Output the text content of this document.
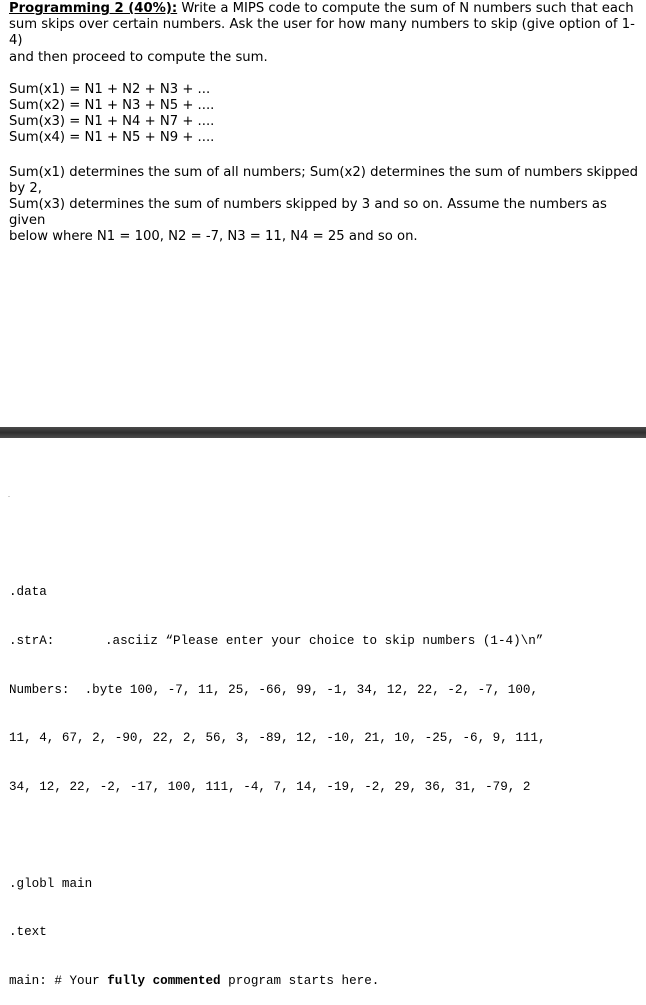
Programming 2 (40%): Write a MIPS code to compute the sum of N numbers such that each
sum skips over certain numbers. Ask the user for how many numbers to skip (give option of 1-4)
and then proceed to compute the sum.

Sum(x1) = N1 + N2 + N3 + ...

Sum(x2) = N1 + N3 + N5 + ....

Sum(x3) = N1 + N4 + N7 + ....

Sum(x4) = N1 + N5 + N9 + ....

Sum(x1) determines the sum of all numbers; Sum(x2) determines the sum of numbers skipped by 2,
Sum(x3) determines the sum of numbers skipped by 3 and so on. Assume the numbers as given
below where N1 = 100, N2 = -7, N3 = 11, N4 = 25 and so on.

.data

.strA:	.asciiz “Please enter your choice to skip numbers (1-4)\n”

Numbers:  .byte 100, -7, 11, 25, -66, 99, -1, 34, 12, 22, -2, -7, 100,

11, 4, 67, 2, -90, 22, 2, 56, 3, -89, 12, -10, 21, 10, -25, -6, 9, 111,

34, 12, 22, -2, -17, 100, 111, -4, 7, 14, -19, -2, 29, 36, 31, -79, 2

.globl main

.text

main: # Your fully commented program starts here.
